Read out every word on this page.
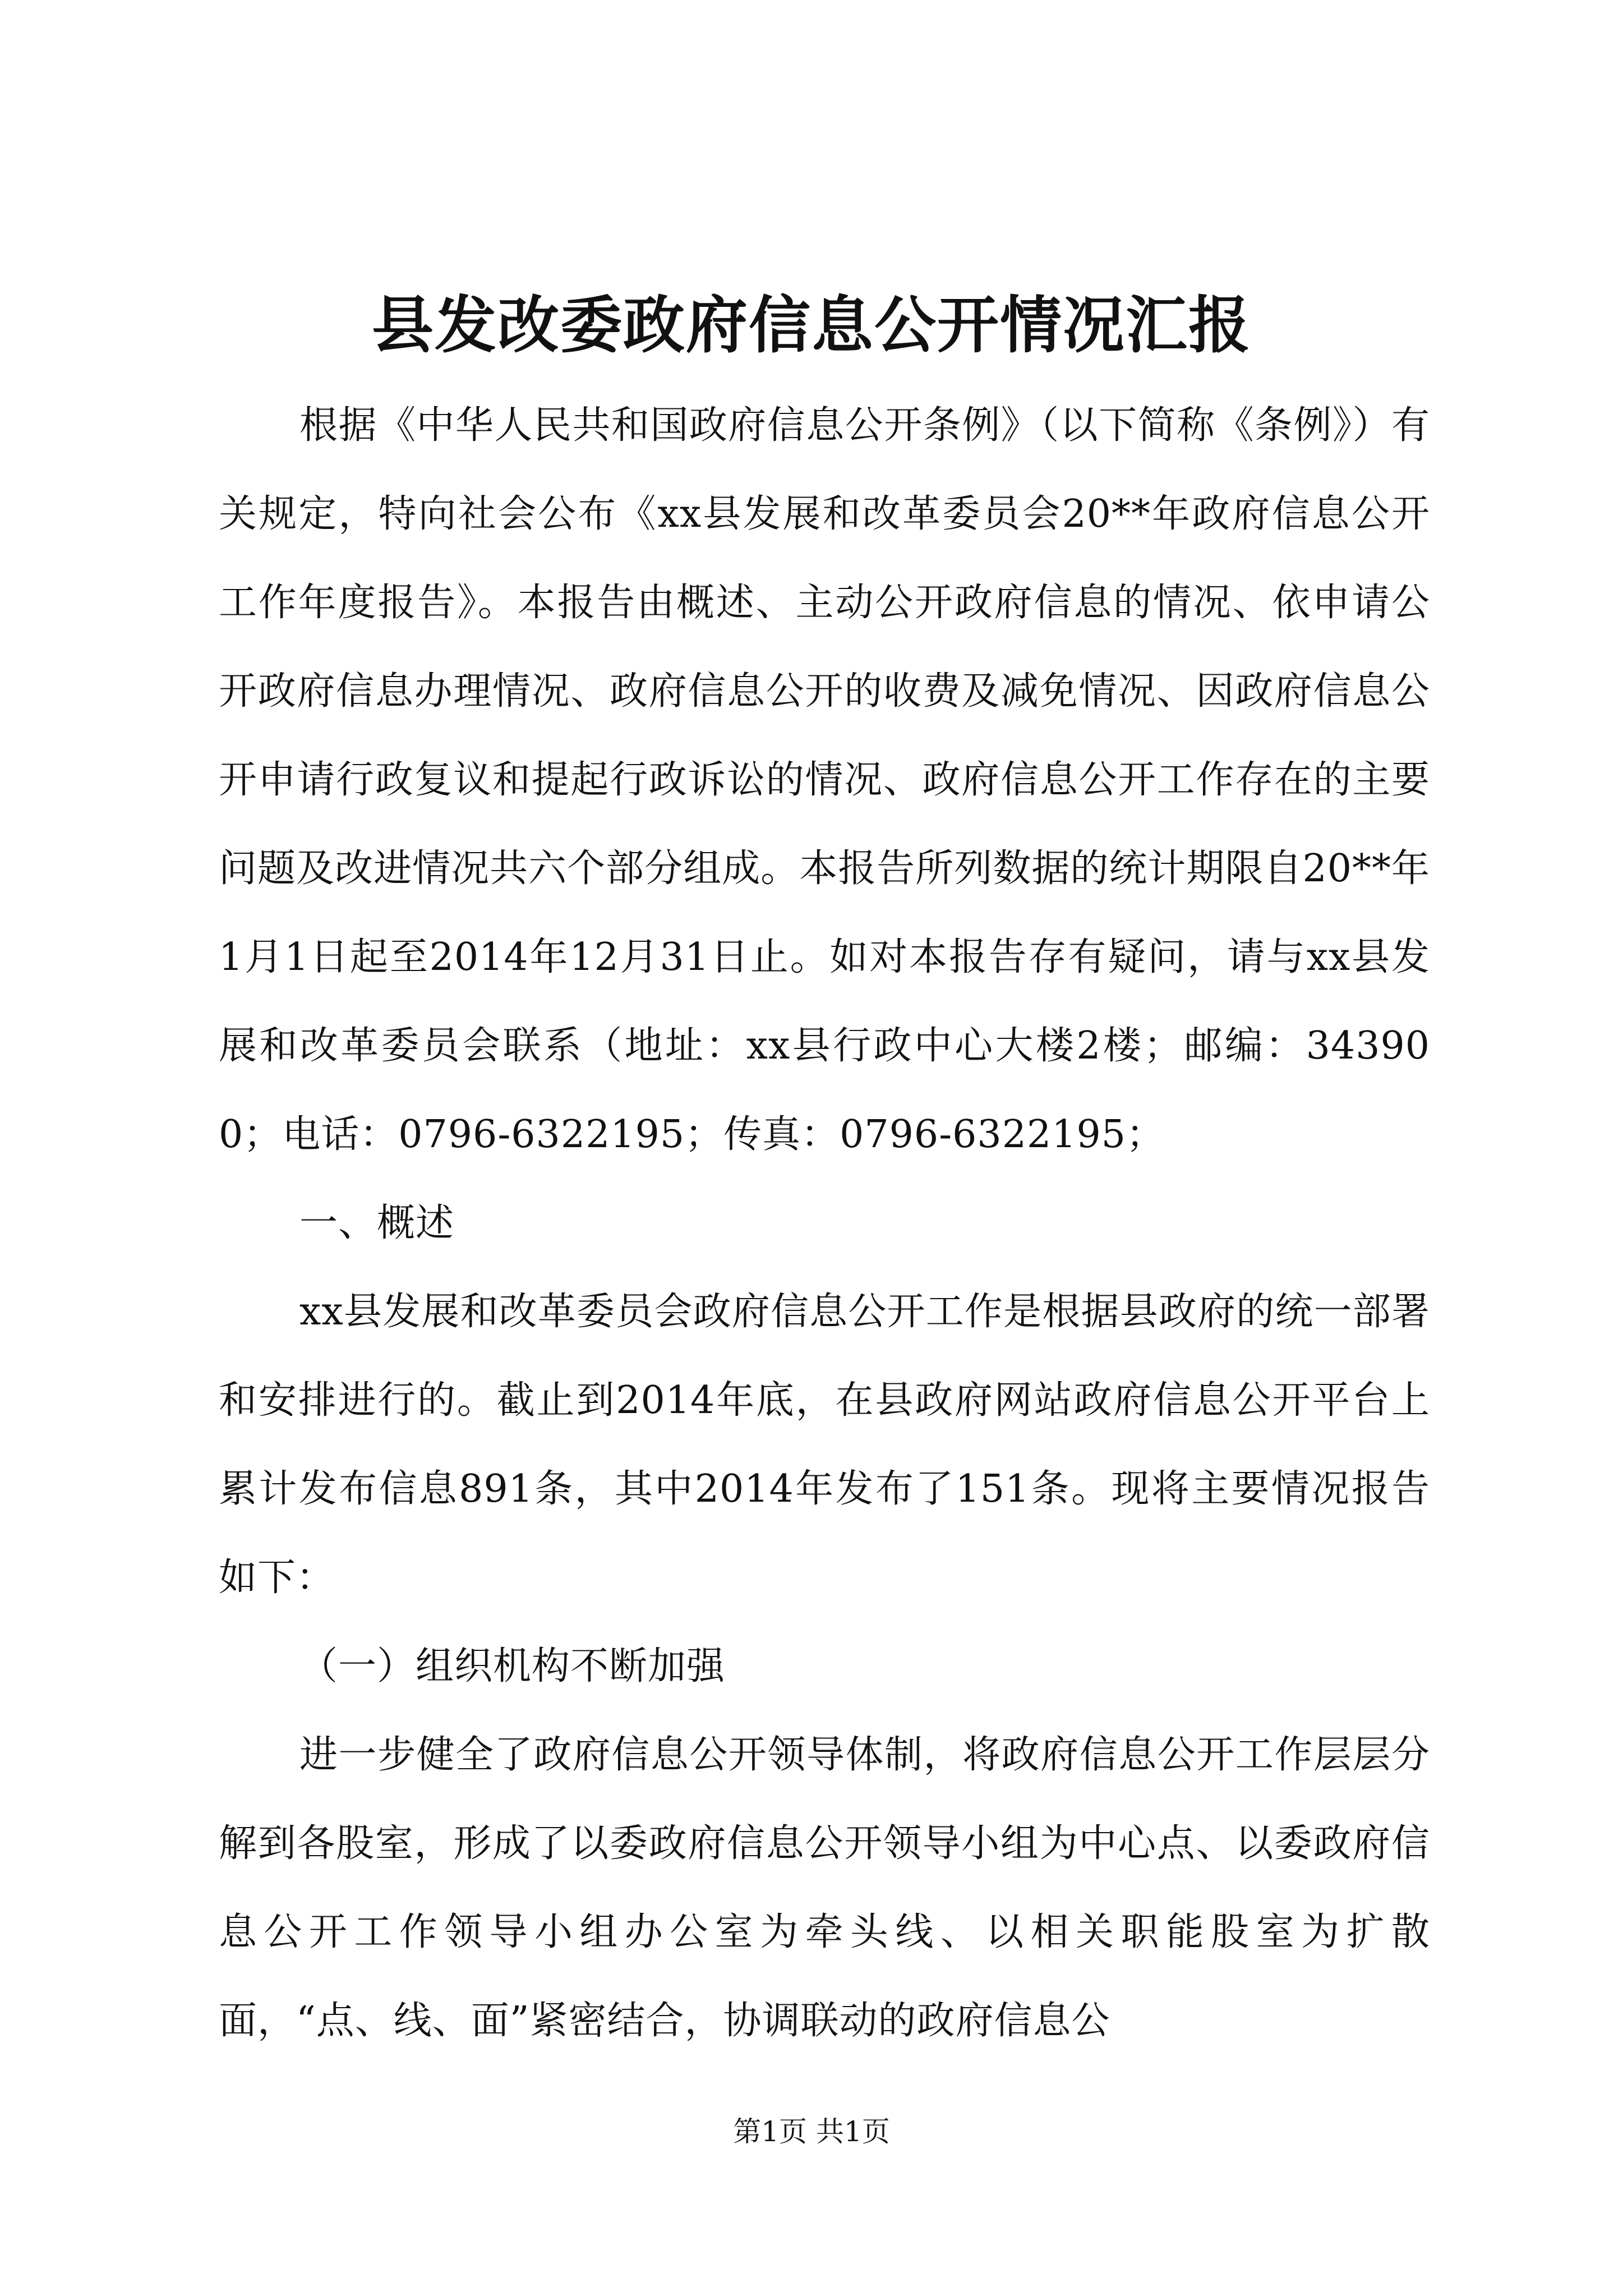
县发改委政府信息公开情况汇报

根据《中华人民共和国政府信息公开条例》（以下简称《条例》）有关规定，特向社会公布《xx县发展和改革委员会20**年政府信息公开工作年度报告》。本报告由概述、主动公开政府信息的情况、依申请公开政府信息办理情况、政府信息公开的收费及减免情况、因政府信息公开申请行政复议和提起行政诉讼的情况、政府信息公开工作存在的主要问题及改进情况共六个部分组成。本报告所列数据的统计期限自20**年1月1日起至2014年12月31日止。如对本报告存有疑问，请与xx县发展和改革委员会联系（地址：xx县行政中心大楼2楼；邮编：343900；电话：0796-6322195；传真：0796-6322195；

一、概述

xx县发展和改革委员会政府信息公开工作是根据县政府的统一部署和安排进行的。截止到2014年底，在县政府网站政府信息公开平台上累计发布信息891条，其中2014年发布了151条。现将主要情况报告如下：

（一）组织机构不断加强

进一步健全了政府信息公开领导体制，将政府信息公开工作层层分解到各股室，形成了以委政府信息公开领导小组为中心点、以委政府信息公开工作领导小组办公室为牵头线、以相关职能股室为扩散面，“点、线、面”紧密结合，协调联动的政府信息公

第1页 共1页
